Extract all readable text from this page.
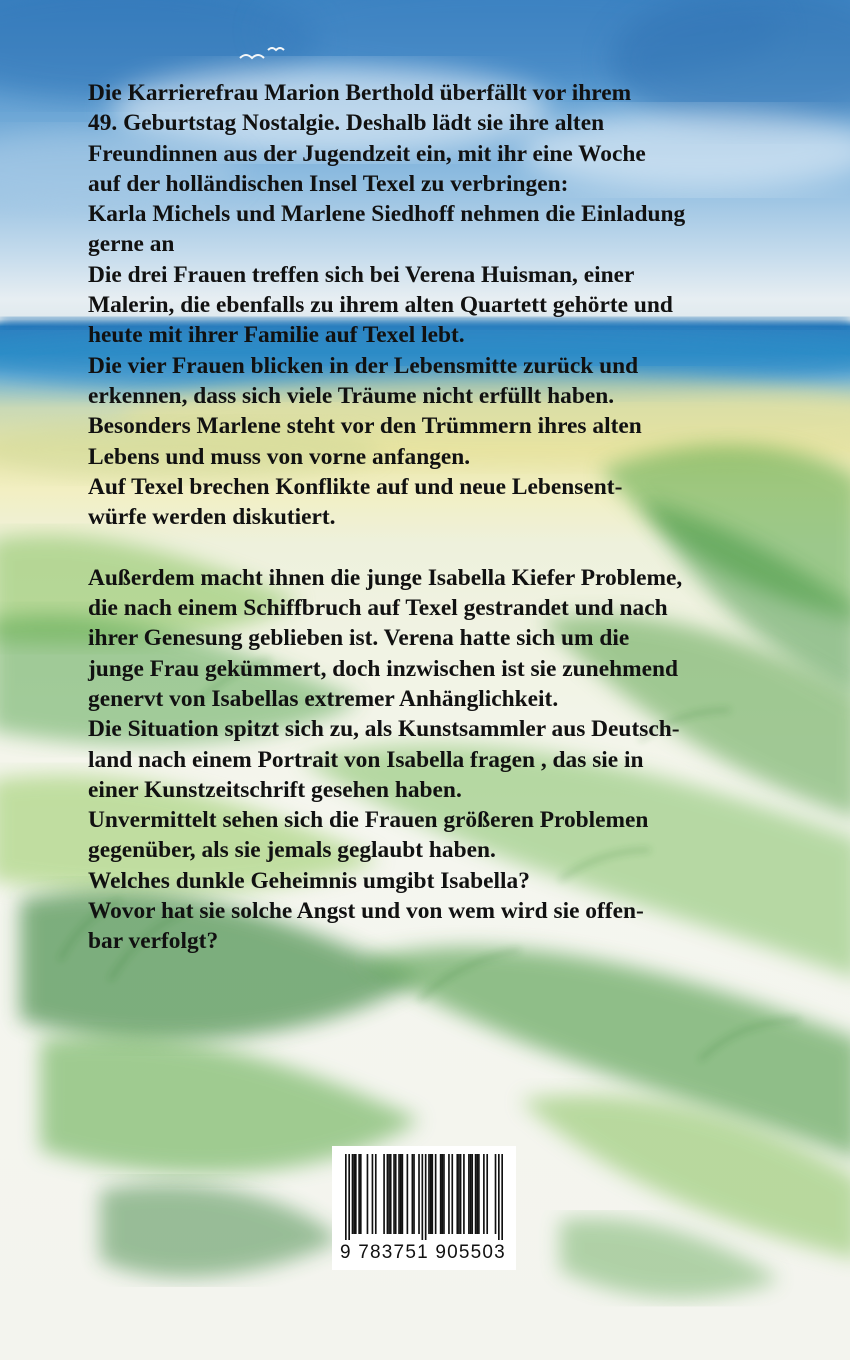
Die Karrierefrau Marion Berthold überfällt vor ihrem

49. Geburtstag Nostalgie. Deshalb lädt sie ihre alten

Freundinnen aus der Jugendzeit ein, mit ihr eine Woche

auf der holländischen Insel Texel zu verbringen:

Karla Michels und Marlene Siedhoff nehmen die Einladung

gerne an

Die drei Frauen treffen sich bei Verena Huisman, einer

Malerin, die ebenfalls zu ihrem alten Quartett gehörte und

heute mit ihrer Familie auf Texel lebt.

Die vier Frauen blicken in der Lebensmitte zurück und

erkennen, dass sich viele Träume nicht erfüllt haben.

Besonders Marlene steht vor den Trümmern ihres alten

Lebens und muss von vorne anfangen.

Auf Texel brechen Konflikte auf und neue Lebensent-

würfe werden diskutiert.

Außerdem macht ihnen die junge Isabella Kiefer Probleme,

die nach einem Schiffbruch auf Texel gestrandet und nach

ihrer Genesung geblieben ist. Verena hatte sich um die

junge Frau gekümmert, doch inzwischen ist sie zunehmend

genervt von Isabellas extremer Anhänglichkeit.

Die Situation spitzt sich zu, als Kunstsammler aus Deutsch-

land nach einem Portrait von Isabella fragen , das sie in

einer Kunstzeitschrift gesehen haben.

Unvermittelt sehen sich die Frauen größeren Problemen

gegenüber, als sie jemals geglaubt haben.

Welches dunkle Geheimnis umgibt Isabella?

Wovor hat sie solche Angst und von wem wird sie offen-

bar verfolgt?

9 783751 905503
